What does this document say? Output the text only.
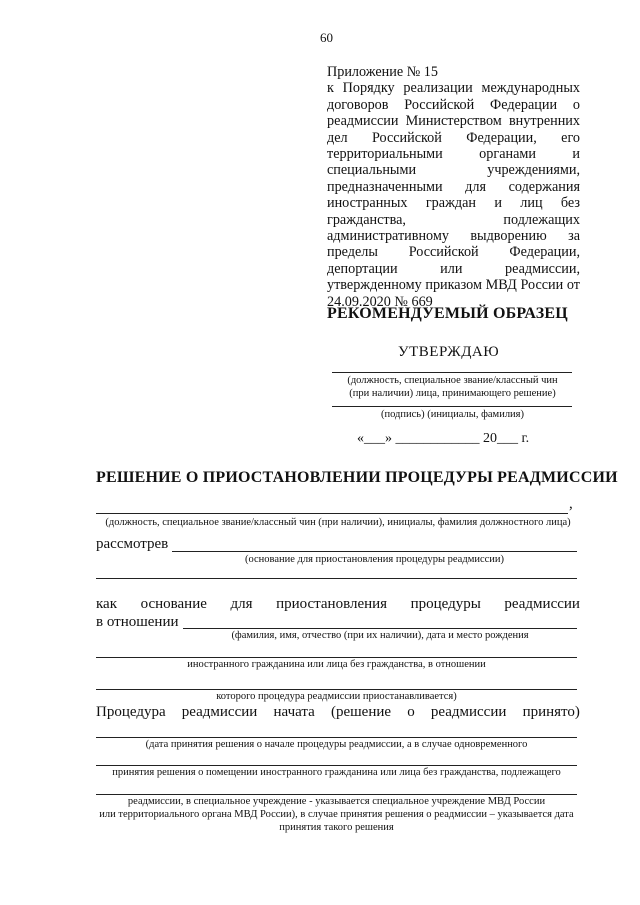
60
Приложение № 15
к Порядку реализации международных договоров Российской Федерации о реадмиссии Министерством внутренних дел Российской Федерации, его территориальными органами и специальными учреждениями, предназначенными для содержания иностранных граждан и лиц без гражданства, подлежащих административному выдворению за пределы Российской Федерации, депортации или реадмиссии, утвержденному приказом МВД России от 24.09.2020 № 669
РЕКОМЕНДУЕМЫЙ ОБРАЗЕЦ
УТВЕРЖДАЮ
(должность, специальное звание/классный чин
(при наличии) лица, принимающего решение)
(подпись) (инициалы, фамилия)
«___» ____________ 20___ г.
РЕШЕНИЕ О ПРИОСТАНОВЛЕНИИ ПРОЦЕДУРЫ РЕАДМИССИИ
,
(должность, специальное звание/классный чин (при наличии), инициалы, фамилия должностного лица)
рассмотрев
(основание для приостановления процедуры реадмиссии)
как основание для приостановления процедуры реадмиссии
в отношении
(фамилия, имя, отчество (при их наличии), дата и место рождения
иностранного гражданина или лица без гражданства, в отношении
которого процедура реадмиссии приостанавливается)
Процедура реадмиссии начата (решение о реадмиссии принято)
(дата принятия решения о начале процедуры реадмиссии, а в случае одновременного
принятия решения о помещении иностранного гражданина или лица без гражданства, подлежащего
реадмиссии, в специальное учреждение - указывается специальное учреждение МВД России
или территориального органа МВД России), в случае принятия решения о реадмиссии – указывается дата
принятия такого решения
